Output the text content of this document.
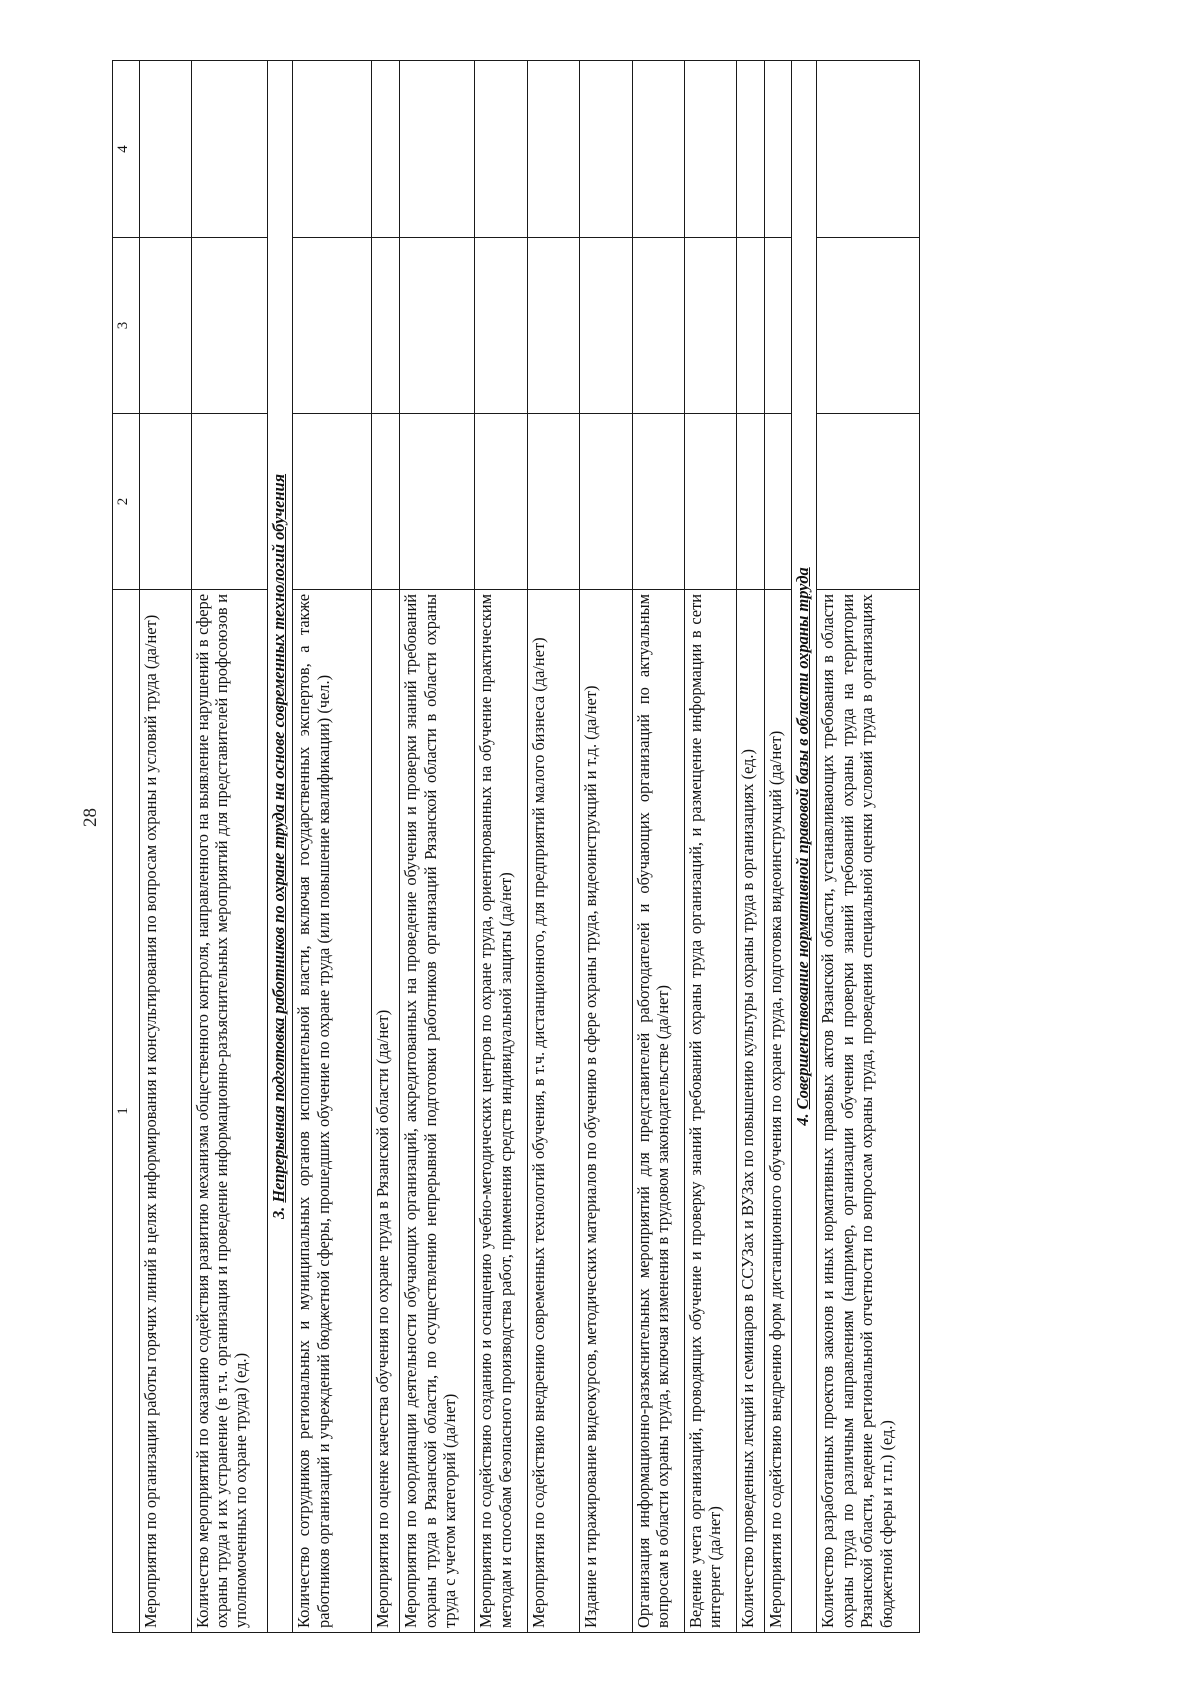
28
1	2	3	4
Мероприятия по организации работы горячих линий в целях информирования и консультирования по вопросам охраны и условий труда (да/нет)			
Количество мероприятий по оказанию содействия развитию механизма общественного контроля, направленного на выявление нарушений в сфере охраны труда и их устранение (в т.ч. организация и проведение информационно-разъяснительных мероприятий для представителей профсоюзов и уполномоченных по охране труда) (ед.)			
3. Непрерывная подготовка работников по охране труда на основе современных технологий обучения			
Количество сотрудников региональных и муниципальных органов исполнительной власти, включая государственных экспертов, а также работников организаций и учреждений бюджетной сферы, прошедших обучение по охране труда (или повышение квалификации) (чел.)			
Мероприятия по оценке качества обучения по охране труда в Рязанской области (да/нет)			
Мероприятия по координации деятельности обучающих организаций, аккредитованных на проведение обучения и проверки знаний требований охраны труда в Рязанской области, по осуществлению непрерывной подготовки работников организаций Рязанской области в области охраны труда с учетом категорий (да/нет)			
Мероприятия по содействию созданию и оснащению учебно-методических центров по охране труда, ориентированных на обучение практическим методам и способам безопасного производства работ, применения средств индивидуальной защиты (да/нет)			
Мероприятия по содействию внедрению современных технологий обучения, в т.ч. дистанционного, для предприятий малого бизнеса (да/нет)			
Издание и тиражирование видеокурсов, методических материалов по обучению в сфере охраны труда, видеоинструкций и т.д. (да/нет)			
Организация информационно-разъяснительных мероприятий для представителей работодателей и обучающих организаций по актуальным вопросам в области охраны труда, включая изменения в трудовом законодательстве (да/нет)			
Ведение учета организаций, проводящих обучение и проверку знаний требований охраны труда организаций, и размещение информации в сети интернет (да/нет)			
Количество проведенных лекций и семинаров в ССУЗах и ВУЗах по повышению культуры охраны труда в организациях (ед.)			
Мероприятия по содействию внедрению форм дистанционного обучения по охране труда, подготовка видеоинструкций (да/нет)			
4. Совершенствование нормативной правовой базы в области охраны труда			
Количество разработанных проектов законов и иных нормативных правовых актов Рязанской области, устанавливающих требования в области охраны труда по различным направлениям (например, организации обучения и проверки знаний требований охраны труда на территории Рязанской области, ведение региональной отчетности по вопросам охраны труда, проведения специальной оценки условий труда в организациях бюджетной сферы и т.п.) (ед.)			
